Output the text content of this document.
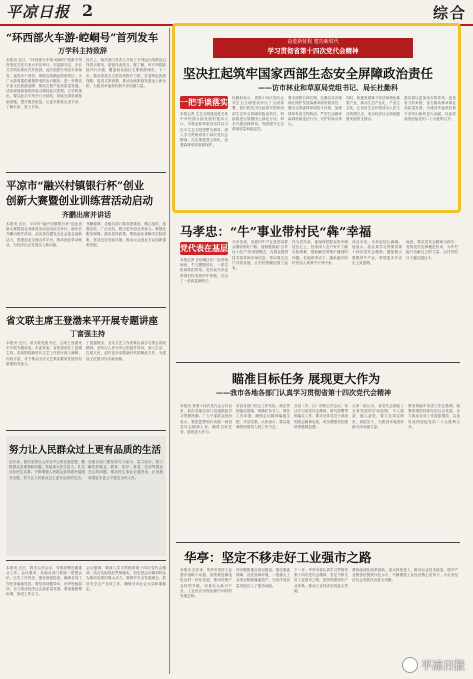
平凉日报 2	综合
“环西部火车游·崆峒号”首列发车
万学科主持致辞
本报讯 近日，“环西部火车游·崆峒号”旅游专列首发仪式在平凉火车站举行。市委副书记、市长万学科出席仪式并致辞。此次旅游专列由平凉始发，途经多个省份，串联沿线精品旅游景区，为广大游客提供便捷舒适的出行服务，进一步擦亮平凉文化旅游品牌，推动文旅产业高质量发展。活动现场游客纷纷表示期待此次旅程。万学科指出，要以此次专列开行为契机，持续完善旅游基础设施，提升服务质量，让更多游客走进平凉、了解平凉、爱上平凉。
仪式上，相关部门负责人介绍了专列运行线路及沿线景点情况，游客代表发言。据了解，该专列将陆续开行多趟，覆盖西北地区主要旅游城市。下一步，我市将加大文旅宣传推介力度，打造特色旅游线路，促进文旅消费，推动全域旅游发展迈上新台阶，为建设幸福美好新平凉贡献力量。
平凉市“融兴村镇银行杯”创业
创新大赛暨创业训练营活动启动
齐鹏出席并讲话
本报讯 近日，平凉市“融兴村镇银行杯”创业创新大赛暨创业训练营活动启动仪式举行。副市长齐鹏出席并讲话。活动旨在激发全社会创业创新活力，搭建创业交流合作平台，推动创业带动就业，为经济社会发展注入新动能。
齐鹏强调，各级各部门要高度重视，精心组织，加强宣传，广泛动员，吸引更多创业者参与。要强化服务保障，落实扶持政策，帮助创业者解决实际困难，营造良好创业环境，推动大众创业万众创新蓬勃发展。
省文联主席王登渤来平开展专题讲座
丁富强主持
本报讯 近日，省文联党组书记、主席王登渤来平开展专题讲座。市委常委、宣传部部长丁富强主持。讲座围绕新时代文艺工作进行深入阐释，内容丰富，对于推动全市文艺事业繁荣发展具有重要指导意义。
丁富强指出，全市文艺工作者要认真学习领会讲座精神，坚持以人民为中心的创作导向，深入生活、扎根人民，创作更多讴歌新时代的精品力作，为建设文化强市作出新贡献。
努力让人民群众过上更有品质的生活
近年来，我市坚持以人民为中心的发展思想，聚焦群众急难愁盼问题，持续加大民生投入，扎实办好民生实事，不断增强人民群众获得感幸福感安全感，努力让人民群众过上更有品质的生活。
各级各部门要坚持尽力而为、量力而行，着力解决好就业、教育、医疗、养老、住房等群众关心的问题，推动民生事业全面进步，让发展成果更多更公平惠及全体人民。
本报讯 近日，我市召开会议，安排部署近期重点工作。会议要求，各地各部门要统一思想认识，压实工作责任，强化督促检查，确保各项工作任务落地见效。要坚持问题导向，补齐短板弱项，全力推动经济社会高质量发展。要加强统筹协调，形成工作合力。
会议强调，要深入学习贯彻省第十四次党代会精神，结合实际抓好贯彻落实，切实把会议精神转化为推动发展的强大动力。要树牢安全发展理念，抓好安全生产各项工作，确保全市社会大局和谐稳定。
奋进新征程 建功新时代
学习贯彻省第十四次党代会精神
坚决扛起筑牢国家西部生态安全屏障政治责任
——访市林业和草原局党组书记、局长杜勤科
一把手谈落实
本报记者 生态文明建设是关系中华民族永续发展的根本大计。市林业和草原局坚持以习近平生态文明思想为指导，深入学习贯彻省第十四次党代会精神，扎实推进国土绿化，加强森林草原资源保护。
杜勤科表示，省第十四次党代会对生态文明建设作出了全面部署，我们将坚决扛起筑牢国家西部生态安全屏障的政治责任，持续推进大规模国土绿化行动，科学开展造林种草，巩固提升生态系统质量和稳定性。
要全面推行林长制，压紧压实各级林长保护发展森林草原资源责任，健全完善森林草原防火体系，加强林草有害生物防治，严厉打击破坏森林资源违法行为，守护好绿水青山。
同时，积极发展林下经济和特色林果产业，推动生态产业化、产业生态化，让良好生态环境成为人民生活的增长点，成为经济社会持续健康发展的支撑点。
我们将以更加务实的作风、更加有力的举措，奋力推动林草事业高质量发展，为建设幸福美好新平凉作出新的更大贡献，以优异成绩迎接党的二十大胜利召开。
马孝忠：“牛”事业带村民“犇”幸福
党代表在基层
本报记者 在崆峒区的一处养殖场里，牛儿膘肥体壮，一派生机勃勃的景象。党代表马孝忠带领村民发展肉牛养殖，走出了一条致富新路子。
马孝忠说，发展肉牛产业是带动群众增收的好门路。他积极探索“合作社+农户”的发展模式，为群众提供技术指导和市场信息，带动周边农户共同发展，让村民的腰包鼓了起来。
作为党代表，他始终把群众的冷暖放在心上，经常深入农户家中了解实际困难，帮助解决养殖中遇到的问题。在他的带动下，越来越多的村民加入到养牛行列中来。
谈及未来，马孝忠信心满满。他表示，将认真学习贯彻省第十四次党代会精神，继续做大做强肉牛产业，带领更多乡亲走上致富路。
他说，要以党代会精神为指引，发挥党员先锋模范作用，为乡村振兴贡献自己的力量，让村民的日子越过越红火。
瞄准目标任务 展现更大作为
——我市各地各部门认真学习贯彻省第十四次党代会精神
本报讯 省第十四次党代会召开以来，我市各地各部门迅速掀起学习贯彻热潮，广大干部群众纷纷表示，要把思想和行动统一到省党代会精神上来，瞄准目标任务，展现更大作为。
市直各部门结合工作实际，制定贯彻落实措施，明确任务分工，细化工作举措，确保会议精神落地生根、开花结果。大家表示，要以饱满的热情投入到工作中去。
各县（市、区）纷纷召开会议，传达学习省党代会精神，研究部署贯彻落实工作，要求全体党员干部深刻领会精神实质，切实增强责任感使命感紧迫感。
大家一致认为，省党代会描绘了全省发展的宏伟蓝图，令人振奋、催人奋进，要立足岗位职责，真抓实干，为建设幸福美好新平凉贡献力量。
要坚持稳中求进工作总基调，统筹疫情防控和经济社会发展，全力推动各项工作提质增效，以优异成绩迎接党的二十大胜利召开。
华亭：坚定不移走好工业强市之路
本报讯 近年来，华亭市坚持工业强市战略不动摇，加快推进煤电化冶材一体化发展，推动传统产业转型升级，培育壮大新兴产业，工业经济呈现出稳中向好的发展态势。
该市聚焦重点项目建设，强化要素保障，优化营商环境，一批重大工业项目相继落地投产，为经济高质量发展注入了强劲动能。
下一步，华亭市将认真学习贯彻省第十四次党代会精神，坚定不移走好工业强市之路，加快构建现代产业体系，推动工业经济实现更大突破。
要持续深化改革创新，加大科技投入，推动企业技术改造，提升产业链供应链现代化水平，不断增强工业经济核心竞争力，为全市经济社会发展作出更大贡献。
平凉日报
